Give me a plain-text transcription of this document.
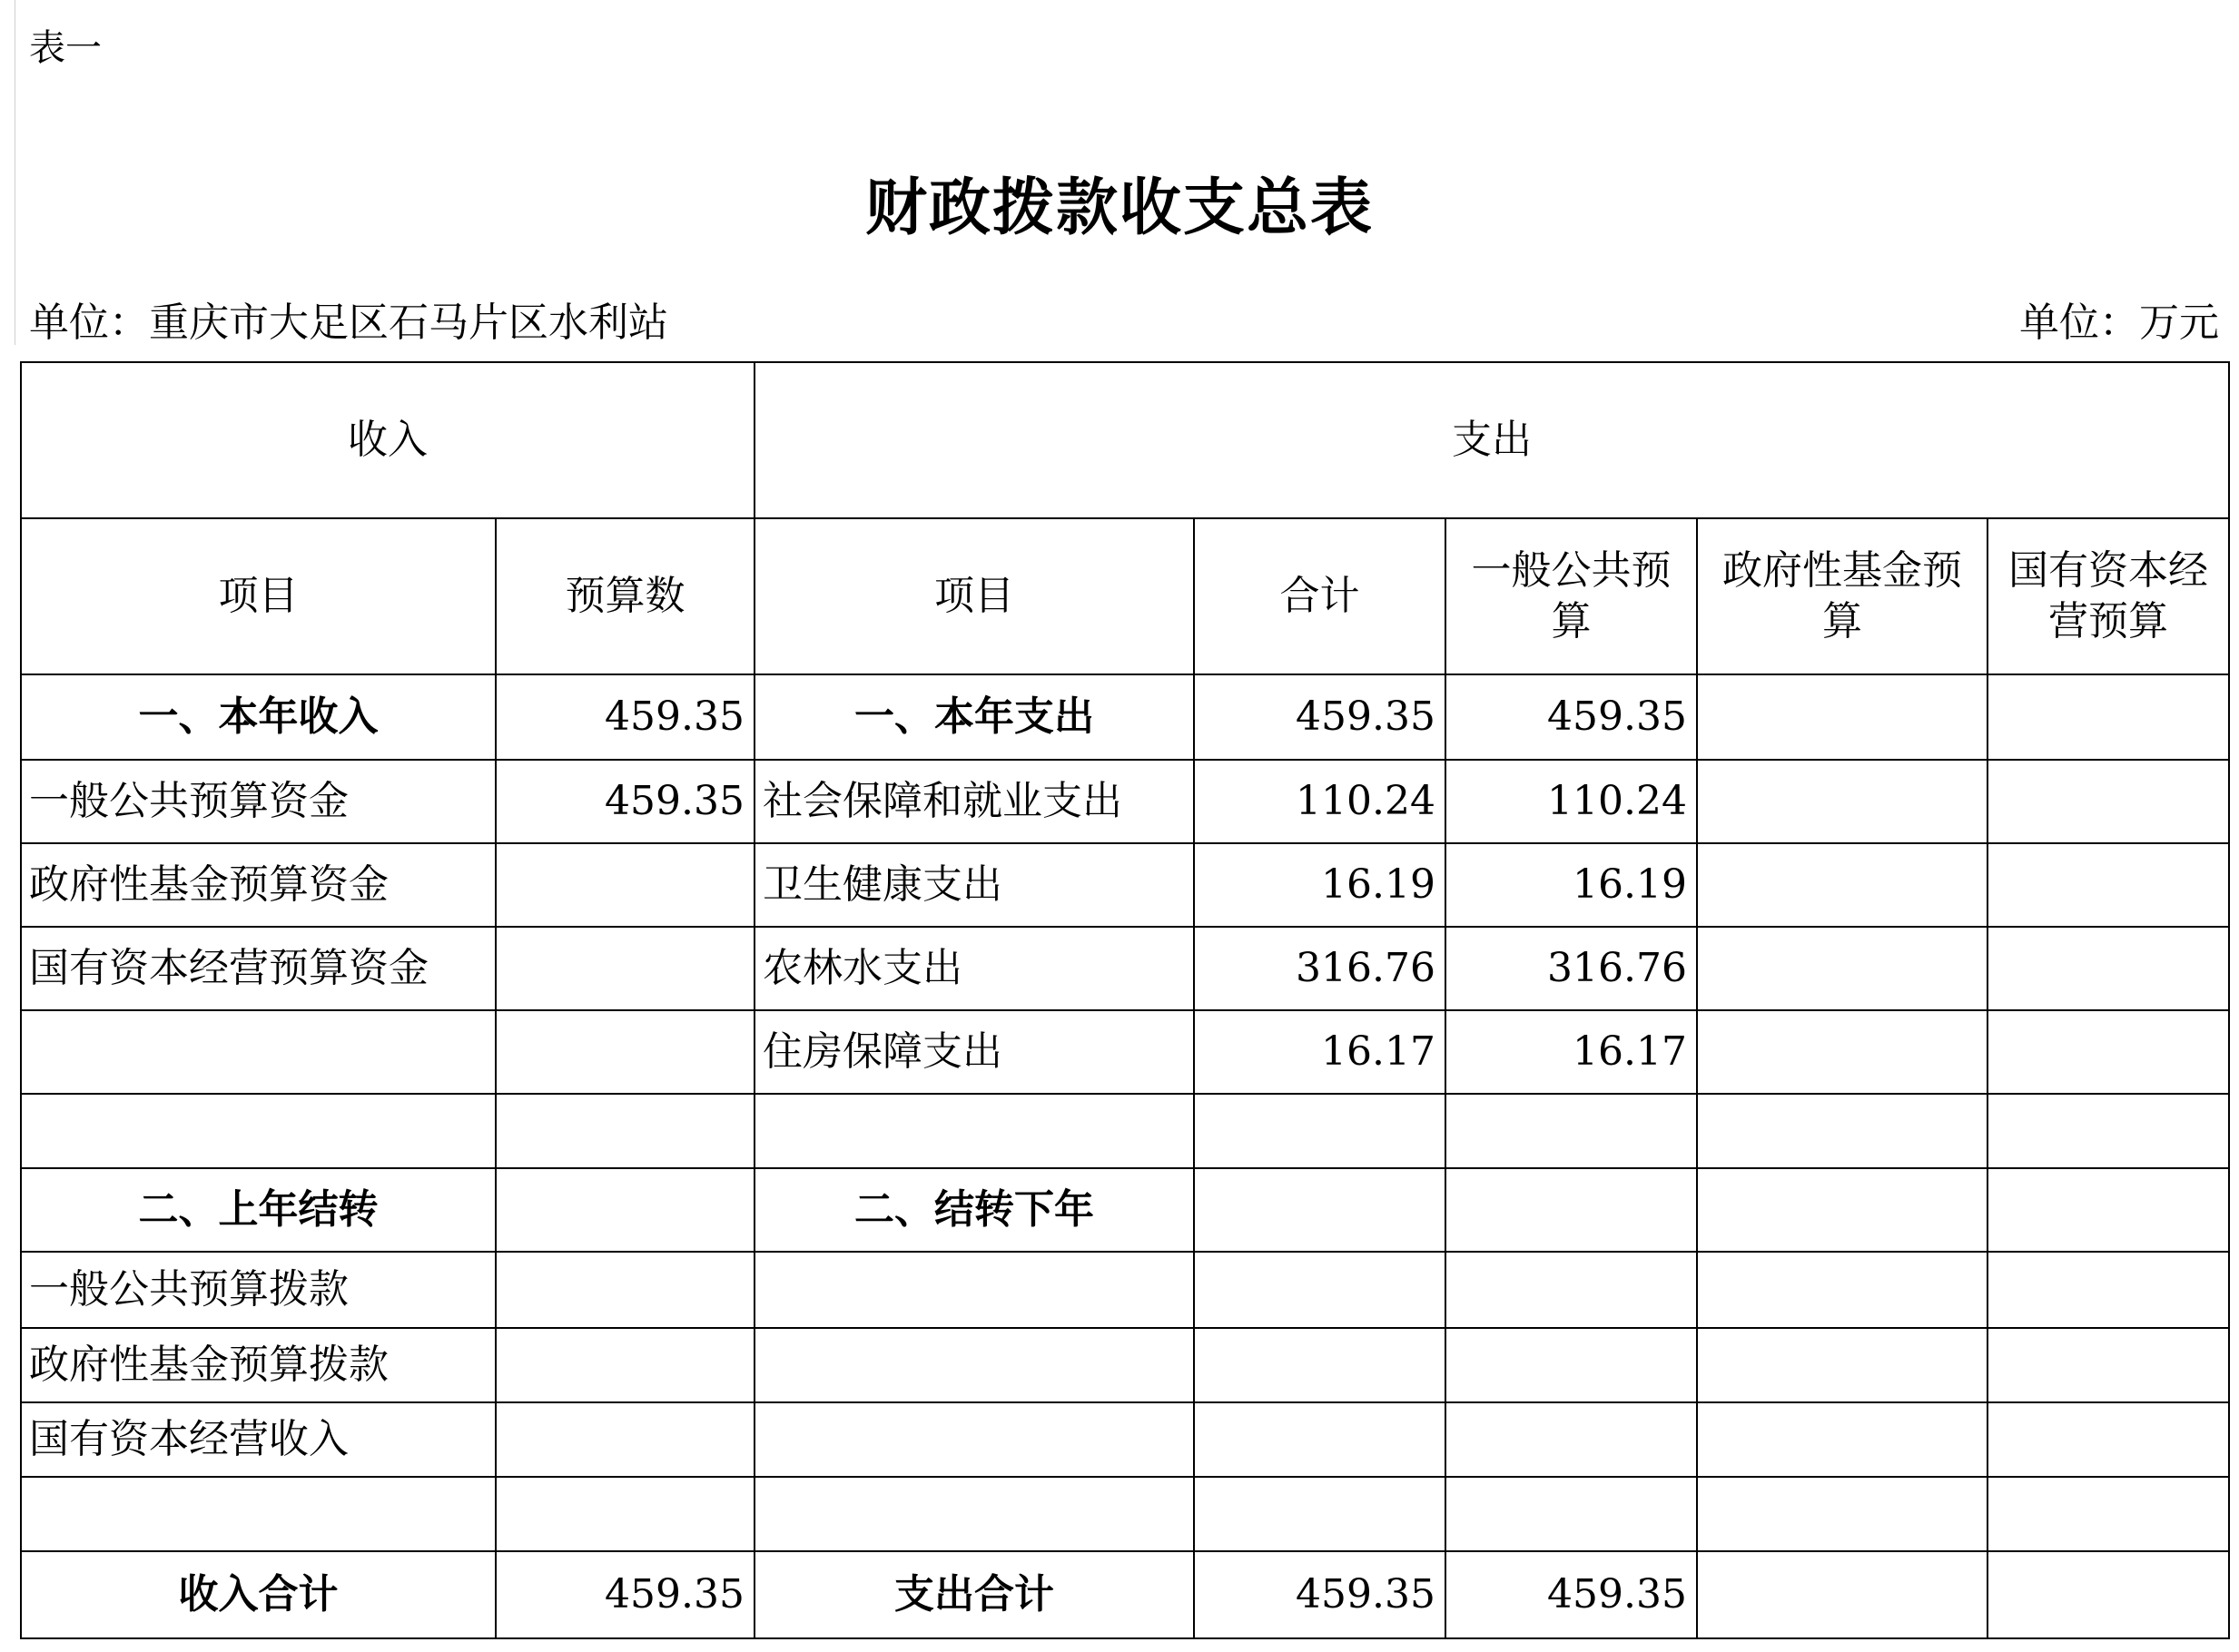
表一
财政拨款收支总表
单位：重庆市大足区石马片区水利站	单位：万元
收入		支出				
项目	预算数	项目	合计	一般公共预算	政府性基金预算	国有资本经营预算
一、本年收入	459.35	一、本年支出	459.35	459.35		
一般公共预算资金	459.35	社会保障和就业支出	110.24	110.24		
政府性基金预算资金		卫生健康支出	16.19	16.19		
国有资本经营预算资金		农林水支出	316.76	316.76		
		住房保障支出	16.17	16.17		

二、上年结转		二、结转下年				
一般公共预算拨款						
政府性基金预算拨款						
国有资本经营收入						

收入合计	459.35	支出合计	459.35	459.35		
